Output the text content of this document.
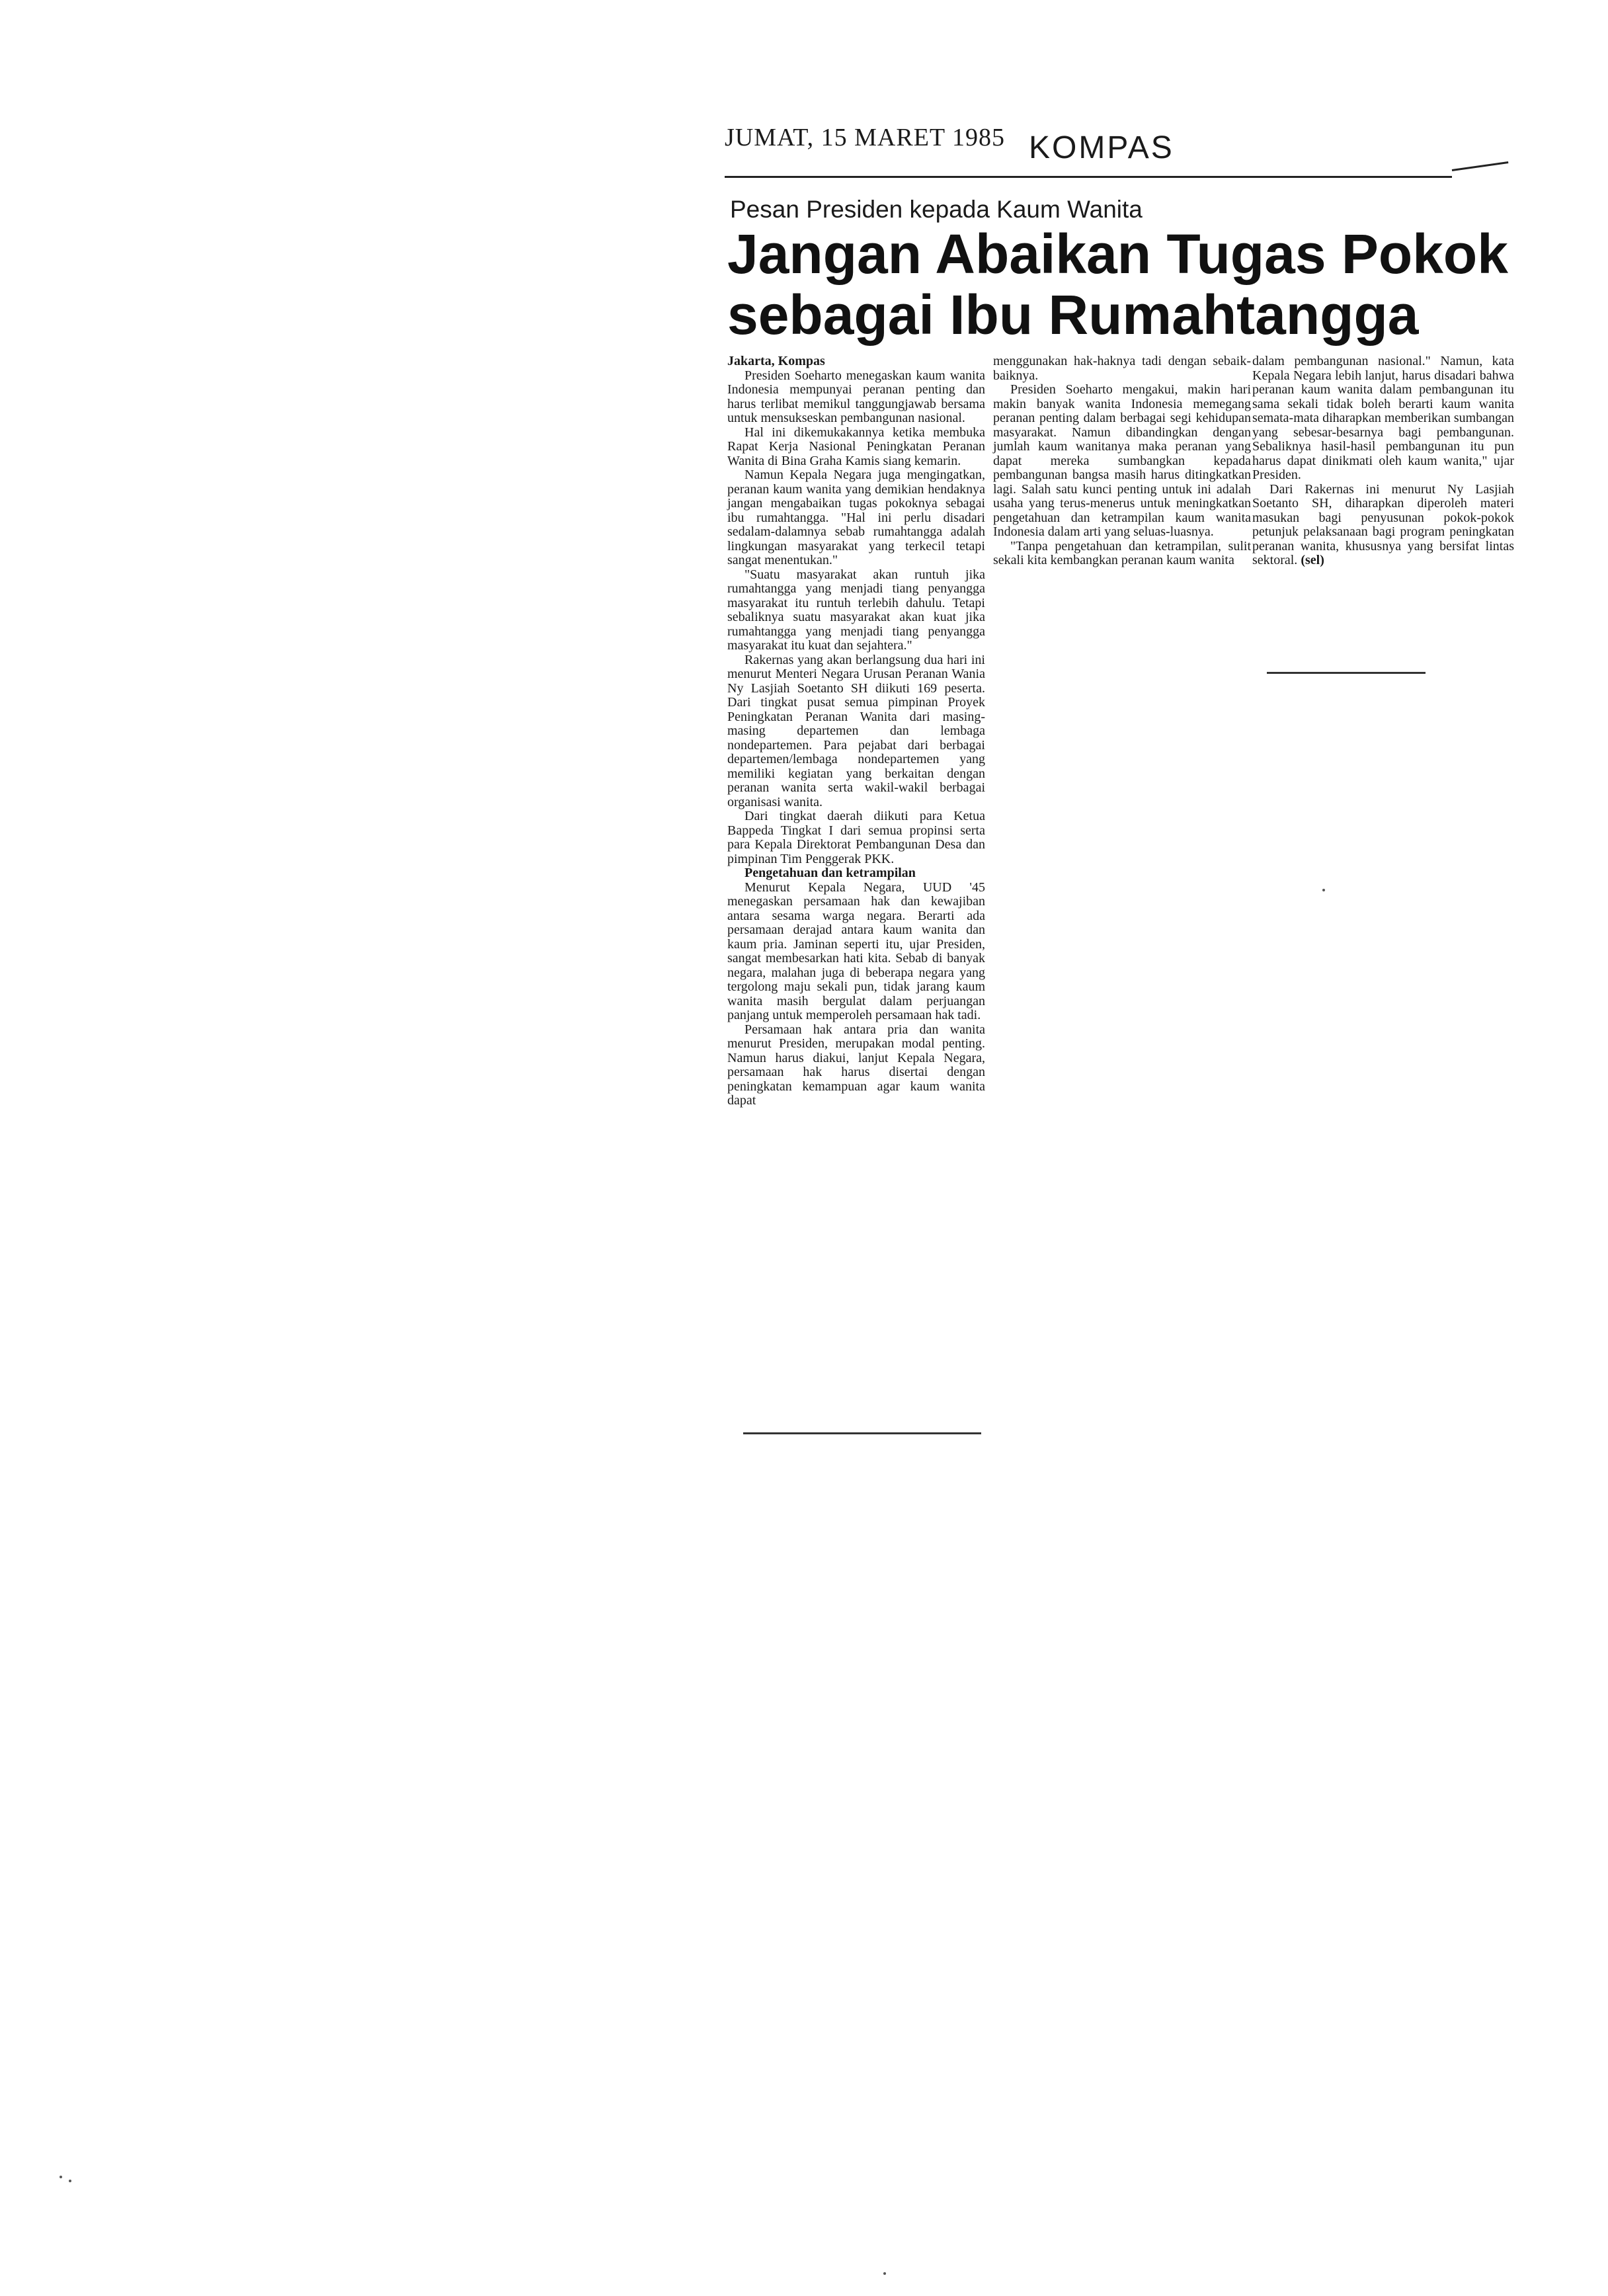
JUMAT, 15 MARET 1985 KOMPAS
Pesan Presiden kepada Kaum Wanita
Jangan Abaikan Tugas Pokok
sebagai Ibu Rumahtangga
Jakarta, Kompas

Presiden Soeharto menegaskan kaum wanita Indonesia mempunyai peranan penting dan harus terlibat memikul tanggungjawab bersama untuk mensukseskan pembangunan nasional.

Hal ini dikemukakannya ketika membuka Rapat Kerja Nasional Peningkatan Peranan Wanita di Bina Graha Kamis siang kemarin.

Namun Kepala Negara juga mengingatkan, peranan kaum wanita yang demikian hendaknya jangan mengabaikan tugas pokoknya sebagai ibu rumahtangga. "Hal ini perlu disadari sedalam-dalamnya sebab rumahtangga adalah lingkungan masyarakat yang terkecil tetapi sangat menentukan."

"Suatu masyarakat akan runtuh jika rumahtangga yang menjadi tiang penyangga masyarakat itu runtuh terlebih dahulu. Tetapi sebaliknya suatu masyarakat akan kuat jika rumahtangga yang menjadi tiang penyangga masyarakat itu kuat dan sejahtera."

Rakernas yang akan berlangsung dua hari ini menurut Menteri Negara Urusan Peranan Wania Ny Lasjiah Soetanto SH diikuti 169 peserta. Dari tingkat pusat semua pimpinan Proyek Peningkatan Peranan Wanita dari masing-masing departemen dan lembaga nondepartemen. Para pejabat dari berbagai departemen/lembaga nondepartemen yang memiliki kegiatan yang berkaitan dengan peranan wanita serta wakil-wakil berbagai organisasi wanita.

Dari tingkat daerah diikuti para Ketua Bappeda Tingkat I dari semua propinsi serta para Kepala Direktorat Pembangunan Desa dan pimpinan Tim Penggerak PKK.

Pengetahuan dan ketrampilan

Menurut Kepala Negara, UUD '45 menegaskan persamaan hak dan kewajiban antara sesama warga negara. Berarti ada persamaan derajad antara kaum wanita dan kaum pria. Jaminan seperti itu, ujar Presiden, sangat membesarkan hati kita. Sebab di banyak negara, malahan juga di beberapa negara yang tergolong maju sekali pun, tidak jarang kaum wanita masih bergulat dalam perjuangan panjang untuk memperoleh persamaan hak tadi.

Persamaan hak antara pria dan wanita menurut Presiden, merupakan modal penting. Namun harus diakui, lanjut Kepala Negara, persamaan hak harus disertai dengan peningkatan kemampuan agar kaum wanita dapat

menggunakan hak-haknya tadi dengan sebaik-baiknya.

Presiden Soeharto mengakui, makin hari makin banyak wanita Indonesia memegang peranan penting dalam berbagai segi kehidupan masyarakat. Namun dibandingkan dengan jumlah kaum wanitanya maka peranan yang dapat mereka sumbangkan kepada pembangunan bangsa masih harus ditingkatkan lagi. Salah satu kunci penting untuk ini adalah usaha yang terus-menerus untuk meningkatkan pengetahuan dan ketrampilan kaum wanita Indonesia dalam arti yang seluas-luasnya.

"Tanpa pengetahuan dan ketrampilan, sulit sekali kita kembangkan peranan kaum wanita

dalam pembangunan nasional." Namun, kata Kepala Negara lebih lanjut, harus disadari bahwa peranan kaum wanita dalam pembangunan itu sama sekali tidak boleh berarti kaum wanita semata-mata diharapkan memberikan sumbangan yang sebesar-besarnya bagi pembangunan. Sebaliknya hasil-hasil pembangunan itu pun harus dapat dinikmati oleh kaum wanita," ujar Presiden.

Dari Rakernas ini menurut Ny Lasjiah Soetanto SH, diharapkan diperoleh materi masukan bagi penyusunan pokok-pokok petunjuk pelaksanaan bagi program peningkatan peranan wanita, khususnya yang bersifat lintas sektoral. (sel)
